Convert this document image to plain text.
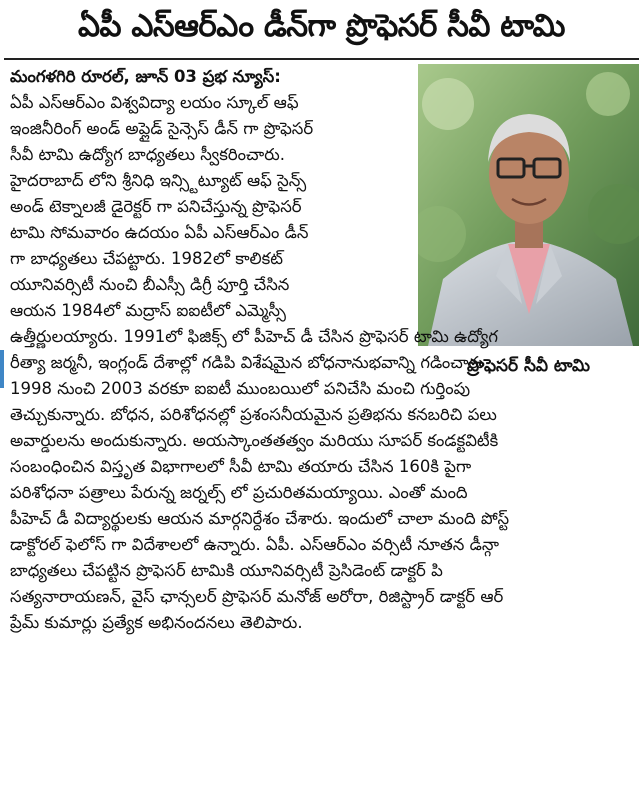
ఏపీ ఎస్ఆర్ఎం డీన్‌గా ప్రొఫెసర్ సీవీ టామి
ప్రొఫెసర్ సీవీ టామి
మంగళగిరి రూరల్, జూన్ 03 ప్రభ న్యూస్:
ఏపీ ఎస్ఆర్ఎం విశ్వవిద్యా లయం స్కూల్ ఆఫ్
ఇంజినీరింగ్ అండ్ అప్లైడ్ సైన్సెస్ డీన్ గా ప్రొఫెసర్
సీవీ టామి ఉద్యోగ బాధ్యతలు స్వీకరించారు.
హైదరాబాద్ లోని శ్రీనిధి ఇన్స్టిట్యూట్ ఆఫ్ సైన్స్
అండ్ టెక్నాలజీ డైరెక్టర్ గా పనిచేస్తున్న ప్రొఫెసర్
టామి సోమవారం ఉదయం ఏపీ ఎస్ఆర్ఎం డీన్
గా బాధ్యతలు చేపట్టారు. 1982లో కాలికట్
యూనివర్సిటీ నుంచి బీఎస్సీ డిగ్రీ పూర్తి చేసిన
ఆయన 1984లో మద్రాస్ ఐఐటీలో ఎమ్మెస్సీ
ఉత్తీర్ణులయ్యారు. 1991లో ఫిజిక్స్ లో పీహెచ్ డీ చేసిన ప్రొఫెసర్ టామి ఉద్యోగ
రీత్యా జర్మనీ, ఇంగ్లండ్ దేశాల్లో గడిపి విశేషమైన బోధనానుభవాన్ని గడించారు.
1998 నుంచి 2003 వరకూ ఐఐటీ ముంబయిలో పనిచేసి మంచి గుర్తింపు
తెచ్చుకున్నారు. బోధన, పరిశోధనల్లో ప్రశంసనీయమైన ప్రతిభను కనబరిచి పలు
అవార్డులను అందుకున్నారు. అయస్కాంతతత్వం మరియు సూపర్ కండక్టవిటీకి
సంబంధించిన విస్తృత విభాగాలలో సీవీ టామి తయారు చేసిన 160కి పైగా
పరిశోధనా పత్రాలు పేరున్న జర్నల్స్ లో ప్రచురితమయ్యాయి. ఎంతో మంది
పీహెచ్ డీ విద్యార్థులకు ఆయన మార్గనిర్దేశం చేశారు. ఇందులో చాలా మంది పోస్ట్
డాక్టోరల్ ఫెలోస్ గా విదేశాలలో ఉన్నారు. ఏపీ. ఎస్ఆర్ఎం వర్సిటీ నూతన డీన్గా
బాధ్యతలు చేపట్టిన ప్రొఫెసర్ టామికి యూనివర్సిటీ ప్రెసిడెంట్ డాక్టర్ పి
సత్యనారాయణన్, వైస్ ఛాన్సలర్ ప్రొఫెసర్ మనోజ్ అరోరా, రిజిస్ట్రార్ డాక్టర్ ఆర్
ప్రేమ్ కుమార్లు ప్రత్యేక అభినందనలు తెలిపారు.
